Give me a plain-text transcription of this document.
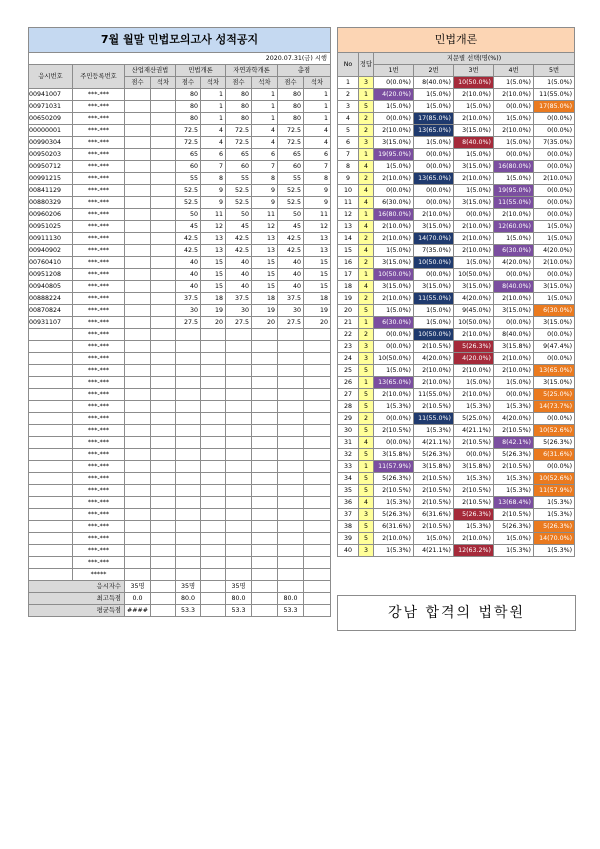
7월 월말 민법모의고사 성적공지									
2020.07.31(금) 시행									
응시번호	주민등록번호	산업재산권법		민법개론		자연과학개론		총점	
		점수	석차	점수	석차	점수	석차	점수	석차
00941007	***-***			80	1	80	1	80	1
00971031	***-***			80	1	80	1	80	1
00650209	***-***			80	1	80	1	80	1
00000001	***-***			72.5	4	72.5	4	72.5	4
00990304	***-***			72.5	4	72.5	4	72.5	4
00950203	***-***			65	6	65	6	65	6
00950712	***-***			60	7	60	7	60	7
00991215	***-***			55	8	55	8	55	8
00841129	***-***			52.5	9	52.5	9	52.5	9
00880329	***-***			52.5	9	52.5	9	52.5	9
00960206	***-***			50	11	50	11	50	11
00951025	***-***			45	12	45	12	45	12
00911130	***-***			42.5	13	42.5	13	42.5	13
00940902	***-***			42.5	13	42.5	13	42.5	13
00760410	***-***			40	15	40	15	40	15
00951208	***-***			40	15	40	15	40	15
00940805	***-***			40	15	40	15	40	15
00888224	***-***			37.5	18	37.5	18	37.5	18
00870824	***-***			30	19	30	19	30	19
00931107	***-***			27.5	20	27.5	20	27.5	20
	***-***								
	***-***								
	***-***								
	***-***								
	***-***								
	***-***								
	***-***								
	***-***								
	***-***								
	***-***								
	***-***								
	***-***								
	***-***								
	***-***								
	***-***								
	***-***								
	***-***								
	***-***								
	***-***								
	***-***								
	*****								
응시자수		35명		35명		35명			
최고득점		0.0		80.0		80.0		80.0	
평균득점		####		53.3		53.3		53.3	
민법개론						
No	정답	지문별 선택(명(%))				
		1번	2번	3번	4번	5번
1	3	0(0.0%)	8(40.0%)	10(50.0%)	1(5.0%)	1(5.0%)
2	1	4(20.0%)	1(5.0%)	2(10.0%)	2(10.0%)	11(55.0%)
3	5	1(5.0%)	1(5.0%)	1(5.0%)	0(0.0%)	17(85.0%)
4	2	0(0.0%)	17(85.0%)	2(10.0%)	1(5.0%)	0(0.0%)
5	2	2(10.0%)	13(65.0%)	3(15.0%)	2(10.0%)	0(0.0%)
6	3	3(15.0%)	1(5.0%)	8(40.0%)	1(5.0%)	7(35.0%)
7	1	19(95.0%)	0(0.0%)	1(5.0%)	0(0.0%)	0(0.0%)
8	4	1(5.0%)	0(0.0%)	3(15.0%)	16(80.0%)	0(0.0%)
9	2	2(10.0%)	13(65.0%)	2(10.0%)	1(5.0%)	2(10.0%)
10	4	0(0.0%)	0(0.0%)	1(5.0%)	19(95.0%)	0(0.0%)
11	4	6(30.0%)	0(0.0%)	3(15.0%)	11(55.0%)	0(0.0%)
12	1	16(80.0%)	2(10.0%)	0(0.0%)	2(10.0%)	0(0.0%)
13	4	2(10.0%)	3(15.0%)	2(10.0%)	12(60.0%)	1(5.0%)
14	2	2(10.0%)	14(70.0%)	2(10.0%)	1(5.0%)	1(5.0%)
15	4	1(5.0%)	7(35.0%)	2(10.0%)	6(30.0%)	4(20.0%)
16	2	3(15.0%)	10(50.0%)	1(5.0%)	4(20.0%)	2(10.0%)
17	1	10(50.0%)	0(0.0%)	10(50.0%)	0(0.0%)	0(0.0%)
18	4	3(15.0%)	3(15.0%)	3(15.0%)	8(40.0%)	3(15.0%)
19	2	2(10.0%)	11(55.0%)	4(20.0%)	2(10.0%)	1(5.0%)
20	5	1(5.0%)	1(5.0%)	9(45.0%)	3(15.0%)	6(30.0%)
21	1	6(30.0%)	1(5.0%)	10(50.0%)	0(0.0%)	3(15.0%)
22	2	0(0.0%)	10(50.0%)	2(10.0%)	8(40.0%)	0(0.0%)
23	3	0(0.0%)	2(10.5%)	5(26.3%)	3(15.8%)	9(47.4%)
24	3	10(50.0%)	4(20.0%)	4(20.0%)	2(10.0%)	0(0.0%)
25	5	1(5.0%)	2(10.0%)	2(10.0%)	2(10.0%)	13(65.0%)
26	1	13(65.0%)	2(10.0%)	1(5.0%)	1(5.0%)	3(15.0%)
27	5	2(10.0%)	11(55.0%)	2(10.0%)	0(0.0%)	5(25.0%)
28	5	1(5.3%)	2(10.5%)	1(5.3%)	1(5.3%)	14(73.7%)
29	2	0(0.0%)	11(55.0%)	5(25.0%)	4(20.0%)	0(0.0%)
30	5	2(10.5%)	1(5.3%)	4(21.1%)	2(10.5%)	10(52.6%)
31	4	0(0.0%)	4(21.1%)	2(10.5%)	8(42.1%)	5(26.3%)
32	5	3(15.8%)	5(26.3%)	0(0.0%)	5(26.3%)	6(31.6%)
33	1	11(57.9%)	3(15.8%)	3(15.8%)	2(10.5%)	0(0.0%)
34	5	5(26.3%)	2(10.5%)	1(5.3%)	1(5.3%)	10(52.6%)
35	5	2(10.5%)	2(10.5%)	2(10.5%)	1(5.3%)	11(57.9%)
36	4	1(5.3%)	2(10.5%)	2(10.5%)	13(68.4%)	1(5.3%)
37	3	5(26.3%)	6(31.6%)	5(26.3%)	2(10.5%)	1(5.3%)
38	5	6(31.6%)	2(10.5%)	1(5.3%)	5(26.3%)	5(26.3%)
39	5	2(10.0%)	1(5.0%)	2(10.0%)	1(5.0%)	14(70.0%)
40	3	1(5.3%)	4(21.1%)	12(63.2%)	1(5.3%)	1(5.3%)
강남 합격의 법학원
